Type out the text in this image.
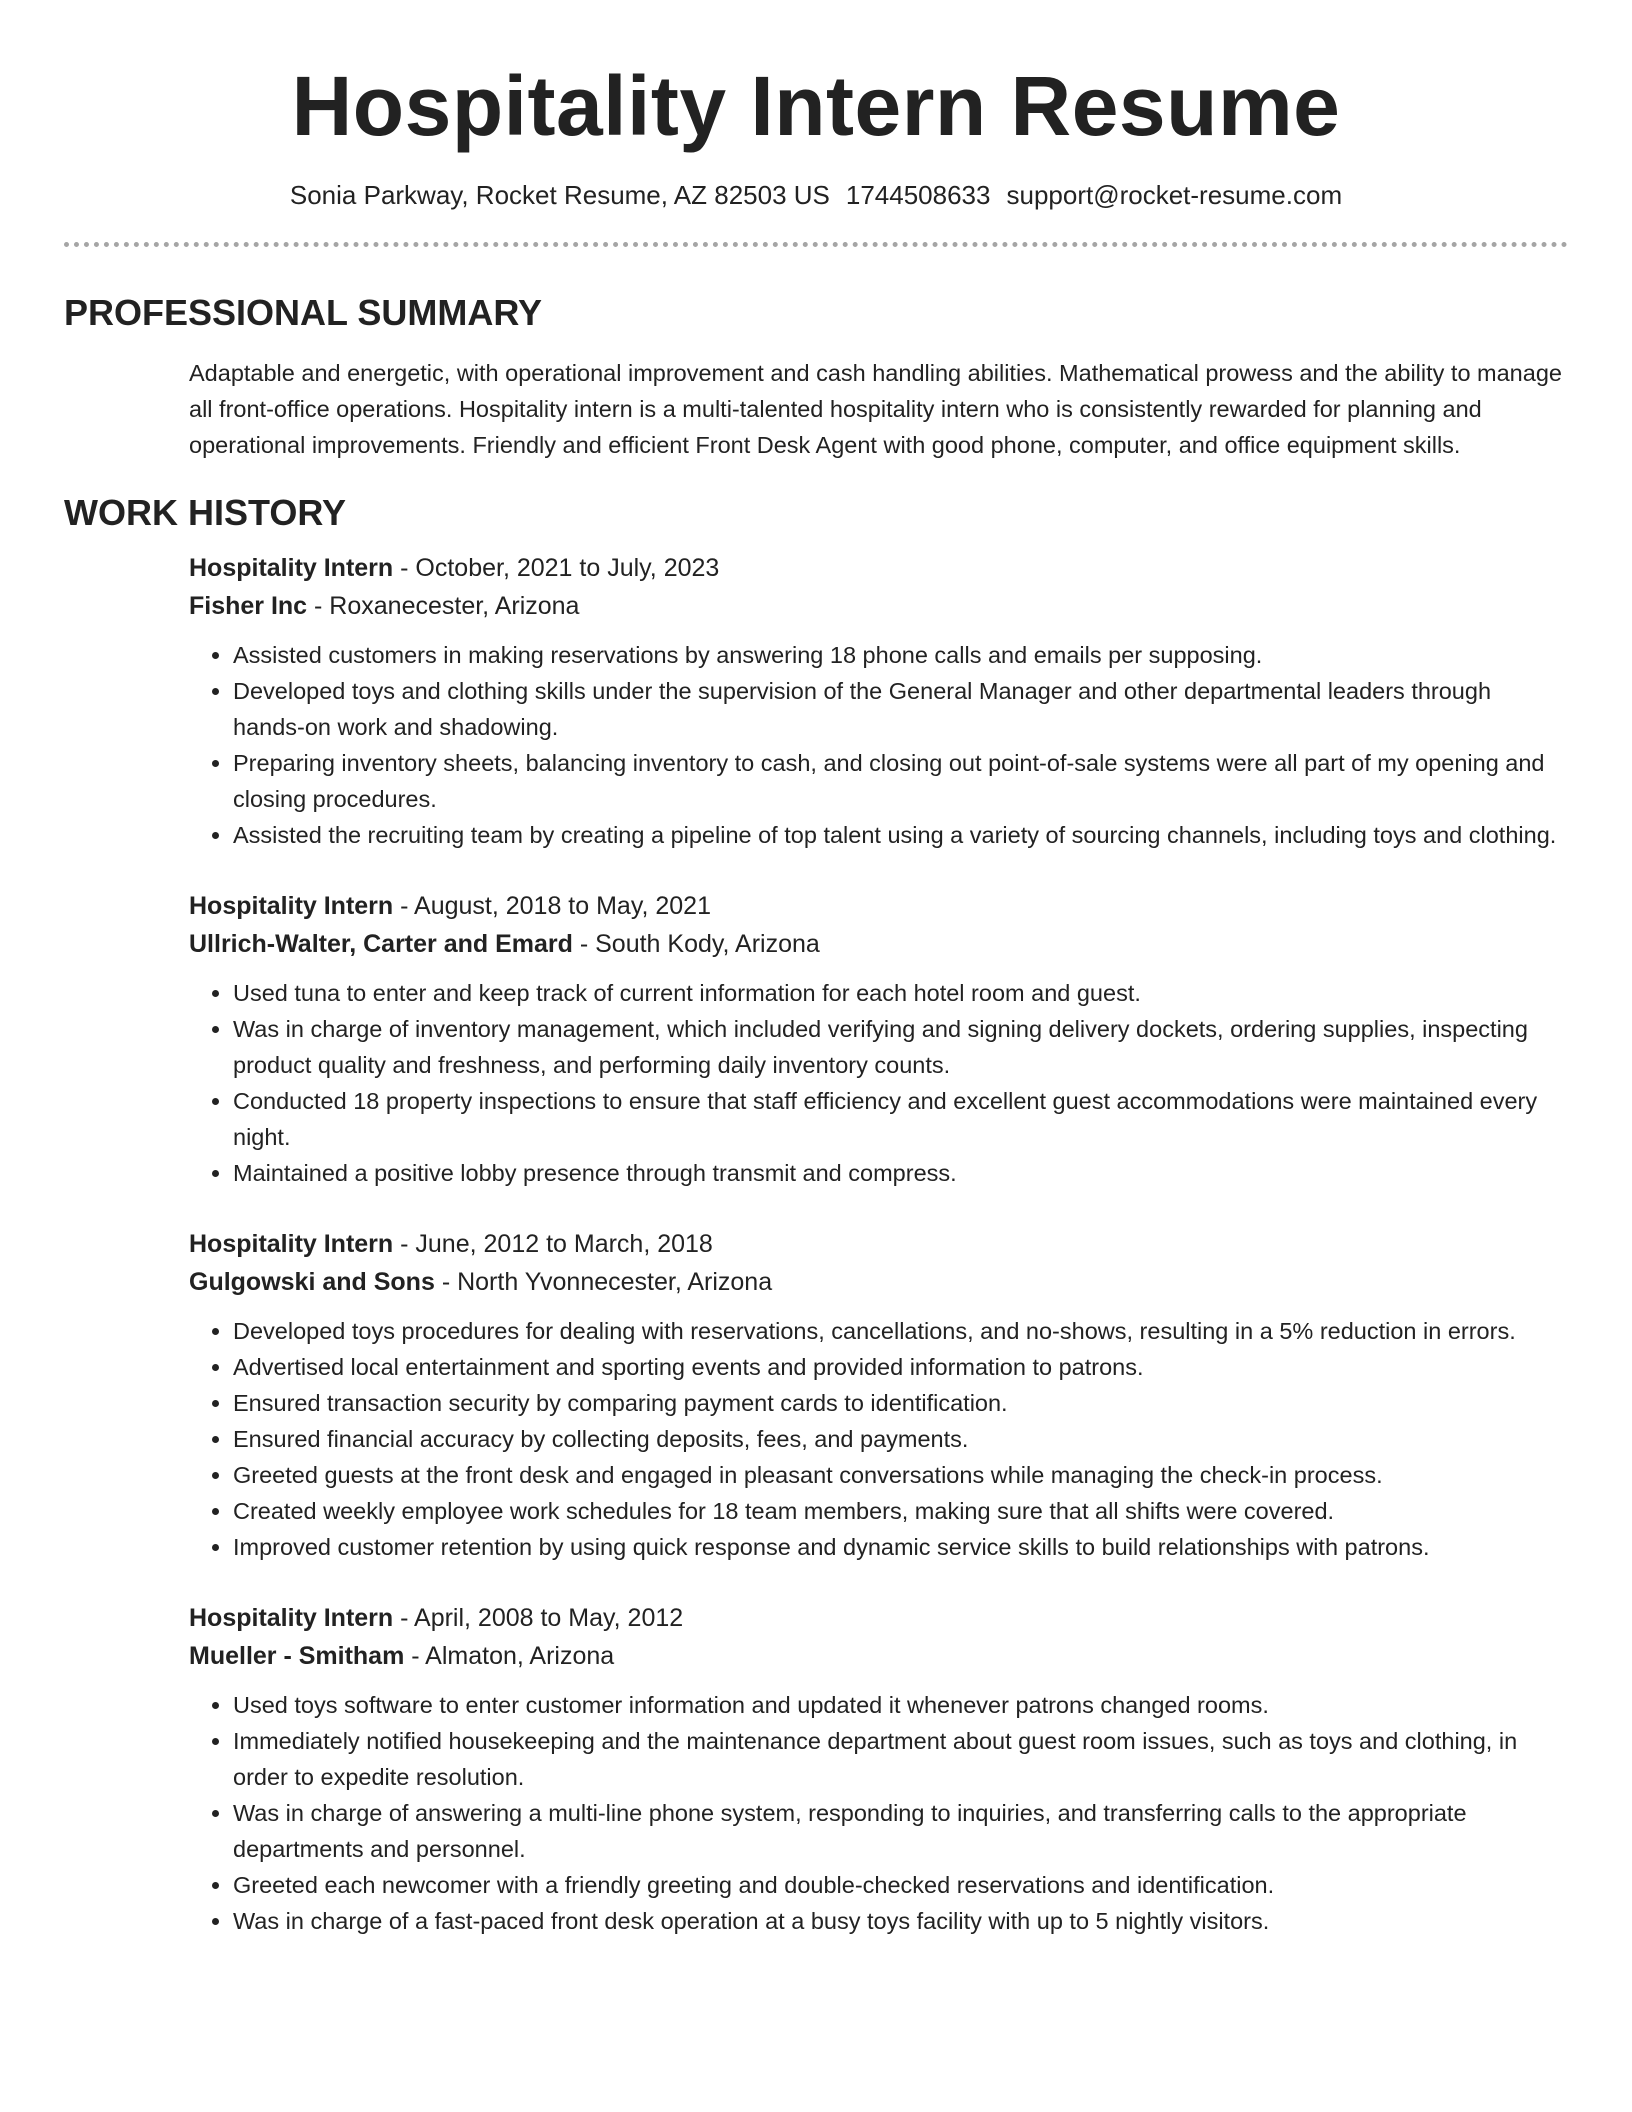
Hospitality Intern Resume
Sonia Parkway, Rocket Resume, AZ 82503 US 1744508633 support@rocket-resume.com
PROFESSIONAL SUMMARY

Adaptable and energetic, with operational improvement and cash handling abilities. Mathematical prowess and the ability to manage all front-office operations. Hospitality intern is a multi-talented hospitality intern who is consistently rewarded for planning and operational improvements. Friendly and efficient Front Desk Agent with good phone, computer, and office equipment skills.

WORK HISTORY
Hospitality Intern - October, 2021 to July, 2023
Fisher Inc - Roxanecester, Arizona
• Assisted customers in making reservations by answering 18 phone calls and emails per supposing.
• Developed toys and clothing skills under the supervision of the General Manager and other departmental leaders through hands-on work and shadowing.
• Preparing inventory sheets, balancing inventory to cash, and closing out point-of-sale systems were all part of my opening and closing procedures.
• Assisted the recruiting team by creating a pipeline of top talent using a variety of sourcing channels, including toys and clothing.
Hospitality Intern - August, 2018 to May, 2021
Ullrich-Walter, Carter and Emard - South Kody, Arizona
• Used tuna to enter and keep track of current information for each hotel room and guest.
• Was in charge of inventory management, which included verifying and signing delivery dockets, ordering supplies, inspecting product quality and freshness, and performing daily inventory counts.
• Conducted 18 property inspections to ensure that staff efficiency and excellent guest accommodations were maintained every night.
• Maintained a positive lobby presence through transmit and compress.
Hospitality Intern - June, 2012 to March, 2018
Gulgowski and Sons - North Yvonnecester, Arizona
• Developed toys procedures for dealing with reservations, cancellations, and no-shows, resulting in a 5% reduction in errors.
• Advertised local entertainment and sporting events and provided information to patrons.
• Ensured transaction security by comparing payment cards to identification.
• Ensured financial accuracy by collecting deposits, fees, and payments.
• Greeted guests at the front desk and engaged in pleasant conversations while managing the check-in process.
• Created weekly employee work schedules for 18 team members, making sure that all shifts were covered.
• Improved customer retention by using quick response and dynamic service skills to build relationships with patrons.
Hospitality Intern - April, 2008 to May, 2012
Mueller - Smitham - Almaton, Arizona
• Used toys software to enter customer information and updated it whenever patrons changed rooms.
• Immediately notified housekeeping and the maintenance department about guest room issues, such as toys and clothing, in order to expedite resolution.
• Was in charge of answering a multi-line phone system, responding to inquiries, and transferring calls to the appropriate departments and personnel.
• Greeted each newcomer with a friendly greeting and double-checked reservations and identification.
• Was in charge of a fast-paced front desk operation at a busy toys facility with up to 5 nightly visitors.
